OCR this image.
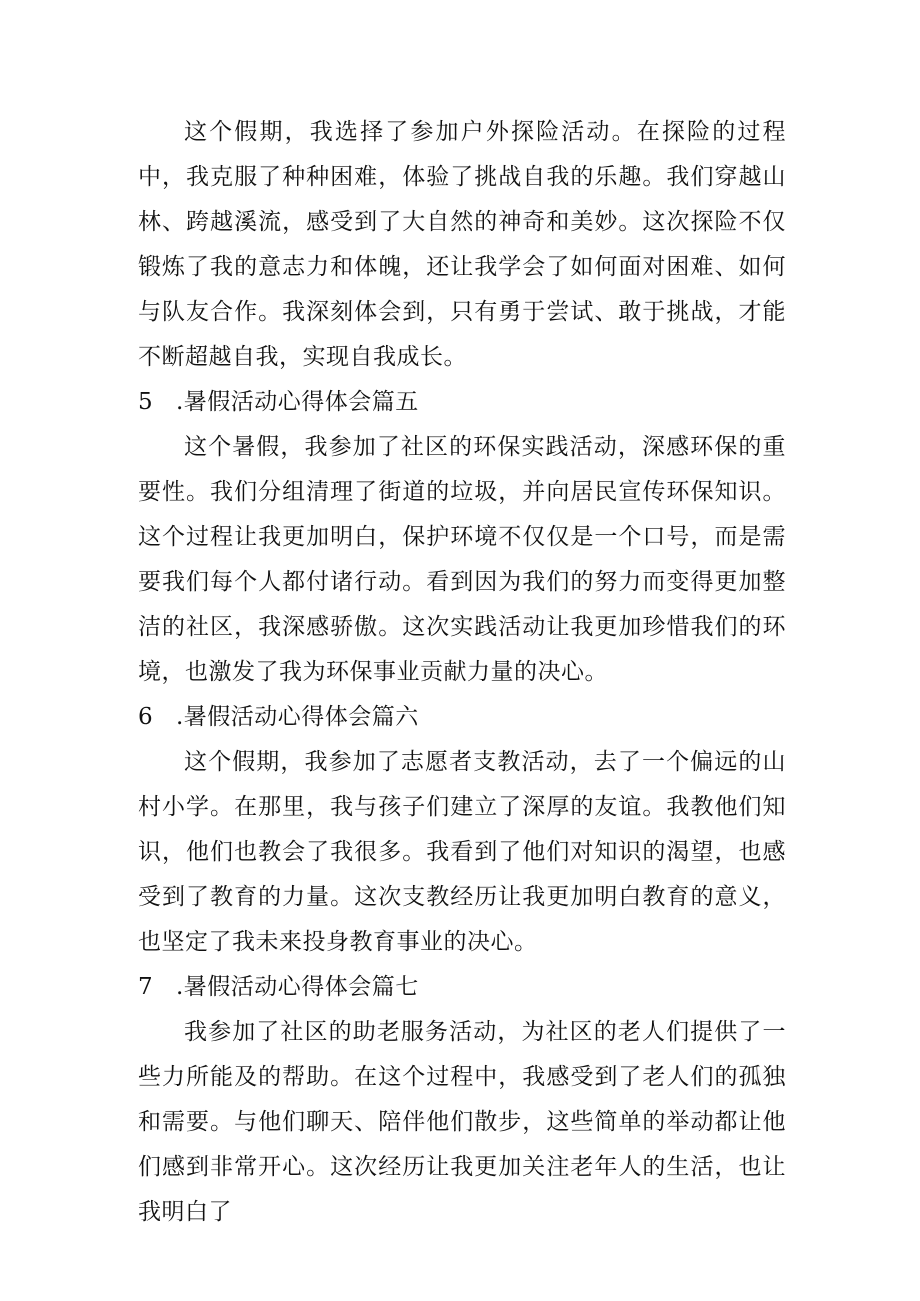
这个假期，我选择了参加户外探险活动。在探险的过程中，我克服了种种困难，体验了挑战自我的乐趣。我们穿越山林、跨越溪流，感受到了大自然的神奇和美妙。这次探险不仅锻炼了我的意志力和体魄，还让我学会了如何面对困难、如何与队友合作。我深刻体会到，只有勇于尝试、敢于挑战，才能不断超越自我，实现自我成长。

5 .暑假活动心得体会篇五

这个暑假，我参加了社区的环保实践活动，深感环保的重要性。我们分组清理了街道的垃圾，并向居民宣传环保知识。这个过程让我更加明白，保护环境不仅仅是一个口号，而是需要我们每个人都付诸行动。看到因为我们的努力而变得更加整洁的社区，我深感骄傲。这次实践活动让我更加珍惜我们的环境，也激发了我为环保事业贡献力量的决心。

6 .暑假活动心得体会篇六

这个假期，我参加了志愿者支教活动，去了一个偏远的山村小学。在那里，我与孩子们建立了深厚的友谊。我教他们知识，他们也教会了我很多。我看到了他们对知识的渴望，也感受到了教育的力量。这次支教经历让我更加明白教育的意义，也坚定了我未来投身教育事业的决心。

7 .暑假活动心得体会篇七

我参加了社区的助老服务活动，为社区的老人们提供了一些力所能及的帮助。在这个过程中，我感受到了老人们的孤独和需要。与他们聊天、陪伴他们散步，这些简单的举动都让他们感到非常开心。这次经历让我更加关注老年人的生活，也让我明白了
